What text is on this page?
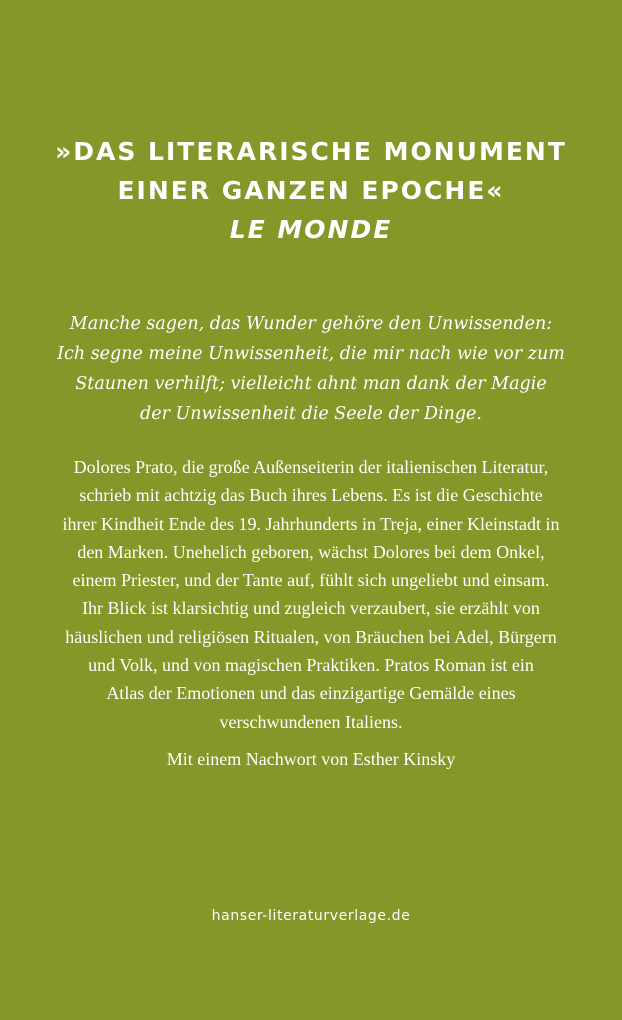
»DAS LITERARISCHE MONUMENT
EINER GANZEN EPOCHE«
LE MONDE
Manche sagen, das Wunder gehöre den Unwissenden:
Ich segne meine Unwissenheit, die mir nach wie vor zum
Staunen verhilft; vielleicht ahnt man dank der Magie
der Unwissenheit die Seele der Dinge.
Dolores Prato, die große Außenseiterin der italienischen Literatur,
schrieb mit achtzig das Buch ihres Lebens. Es ist die Geschichte
ihrer Kindheit Ende des 19. Jahrhunderts in Treja, einer Kleinstadt in
den Marken. Unehelich geboren, wächst Dolores bei dem Onkel,
einem Priester, und der Tante auf, fühlt sich ungeliebt und einsam.
Ihr Blick ist klarsichtig und zugleich verzaubert, sie erzählt von
häuslichen und religiösen Ritualen, von Bräuchen bei Adel, Bürgern
und Volk, und von magischen Praktiken. Pratos Roman ist ein
Atlas der Emotionen und das einzigartige Gemälde eines
verschwundenen Italiens.
Mit einem Nachwort von Esther Kinsky
hanser-literaturverlage.de
